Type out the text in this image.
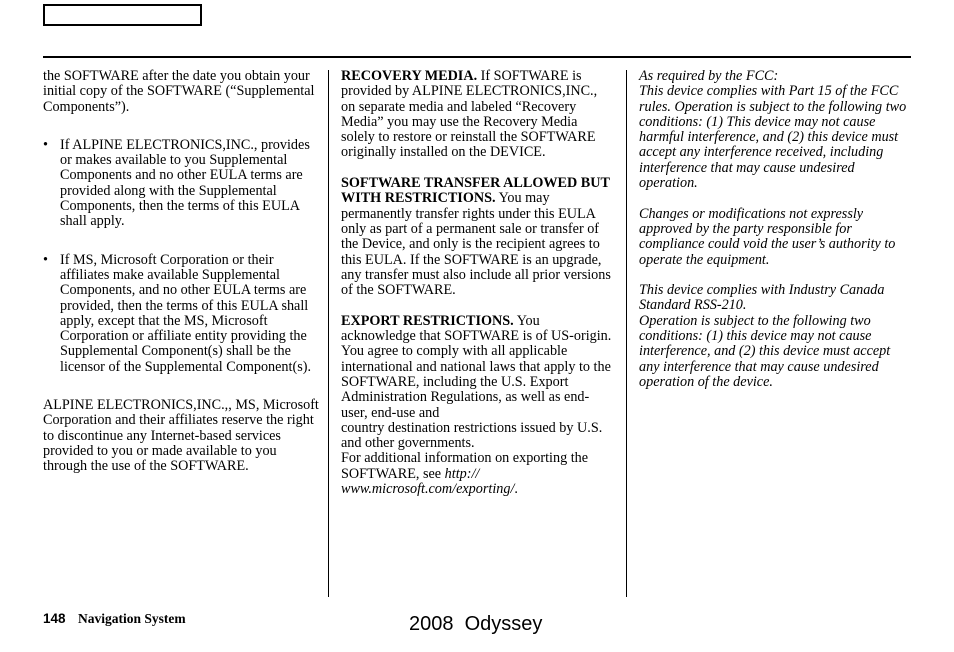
the SOFTWARE after the date you obtain your initial copy of the SOFTWARE (“Supplemental Components”).

• If ALPINE ELECTRONICS,INC., provides or makes available to you Supplemental Components and no other EULA terms are provided along with the Supplemental Components, then the terms of this EULA shall apply.

• If MS, Microsoft Corporation or their affiliates make available Supplemental Components, and no other EULA terms are provided, then the terms of this EULA shall apply, except that the MS, Microsoft Corporation or affiliate entity providing the Supplemental Component(s) shall be the licensor of the Supplemental Component(s).

ALPINE ELECTRONICS,INC.,, MS, Microsoft Corporation and their affiliates reserve the right to discontinue any Internet-based services provided to you or made available to you through the use of the SOFTWARE.

RECOVERY MEDIA. If SOFTWARE is provided by ALPINE ELECTRONICS,INC., on separate media and labeled “Recovery Media” you may use the Recovery Media solely to restore or reinstall the SOFTWARE originally installed on the DEVICE.

SOFTWARE TRANSFER ALLOWED BUT WITH RESTRICTIONS. You may permanently transfer rights under this EULA only as part of a permanent sale or transfer of the Device, and only is the recipient agrees to this EULA. If the SOFTWARE is an upgrade, any transfer must also include all prior versions of the SOFTWARE.

EXPORT RESTRICTIONS. You acknowledge that SOFTWARE is of US-origin. You agree to comply with all applicable international and national laws that apply to the SOFTWARE, including the U.S. Export Administration Regulations, as well as end-user, end-use and

country destination restrictions issued by U.S. and other governments.

For additional information on exporting the SOFTWARE, see http://
www.microsoft.com/exporting/.

As required by the FCC:

This device complies with Part 15 of the FCC rules. Operation is subject to the following two conditions: (1) This device may not cause harmful interference, and (2) this device must accept any interference received, including interference that may cause undesired operation.

Changes or modifications not expressly approved by the party responsible for compliance could void the user’s authority to operate the equipment.

This device complies with Industry Canada Standard RSS-210.

Operation is subject to the following two conditions: (1) this device may not cause interference, and (2) this device must accept any interference that may cause undesired operation of the device.

148 Navigation System	2008  Odyssey
